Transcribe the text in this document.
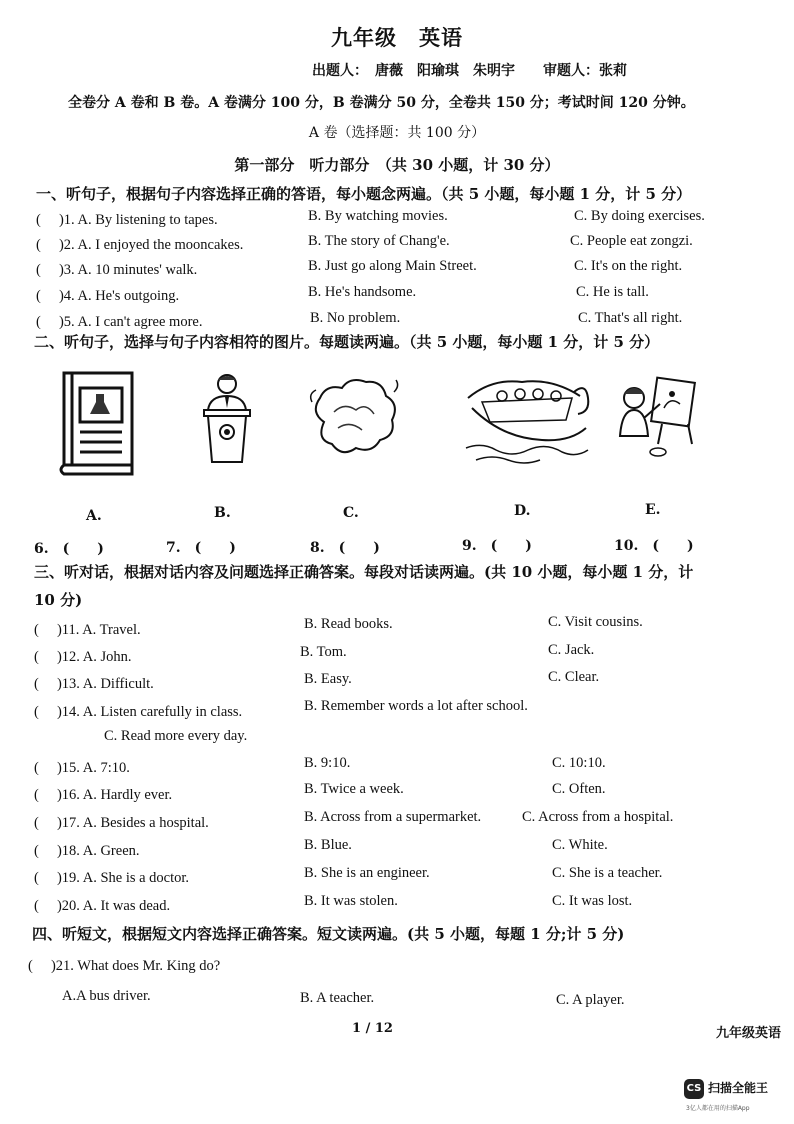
九年级　英语
出题人：　唐薇　阳瑜琪　朱明宇　　审题人：张莉
全卷分 A 卷和 B 卷。A 卷满分 100 分，B 卷满分 50 分，全卷共 150 分；考试时间 120 分钟。
A 卷（选择题：共 100 分）
第一部分　听力部分　（共 30 小题，计 30 分）
一、听句子，根据句子内容选择正确的答语，每小题念两遍。（共 5 小题，每小题 1 分，计 5 分）
(　 )1. A. By listening to tapes.	B. By watching movies.	C. By doing exercises.
(　 )2. A. I enjoyed the mooncakes.	B. The story of Chang'e.	C. People eat zongzi.
(　 )3. A. 10 minutes' walk.	B. Just go along Main Street.	C. It's on the right.
(　 )4. A. He's outgoing.	B. He's handsome.	C. He is tall.
(　 )5. A. I can't agree more.	B. No problem.	C. That's all right.
二、听句子，选择与句子内容相符的图片。每题读两遍。（共 5 小题，每小题 1 分，计 5 分）
A.	B.	C.	D.	E.
6.　(　　)	7.　(　　)	8.　(　　)	9.　(　　)	10.　(　　)
三、听对话，根据对话内容及问题选择正确答案。每段对话读两遍。(共 10 小题，每小题 1 分，计
10 分)
(　 )11. A. Travel.	B. Read books.	C. Visit cousins.
(　 )12. A. John.	B. Tom.	C. Jack.
(　 )13. A. Difficult.	B. Easy.	C. Clear.
(　 )14. A. Listen carefully in class.	B. Remember words a lot after school.
C. Read more every day.
(　 )15. A. 7:10.	B. 9:10.	C. 10:10.
(　 )16. A. Hardly ever.	B. Twice a week.	C. Often.
(　 )17. A. Besides a hospital.	B. Across from a supermarket.	C. Across from a hospital.
(　 )18. A. Green.	B. Blue.	C. White.
(　 )19. A. She is a doctor.	B. She is an engineer.	C. She is a teacher.
(　 )20. A. It was dead.	B. It was stolen.	C. It was lost.
四、听短文，根据短文内容选择正确答案。短文读两遍。(共 5 小题，每题 1 分;计 5 分)
(　 )21. What does Mr. King do?
A.A bus driver.	B. A teacher.	C. A player.
1 / 12	九年级英语
CS 扫描全能王
3亿人都在用的扫描App
